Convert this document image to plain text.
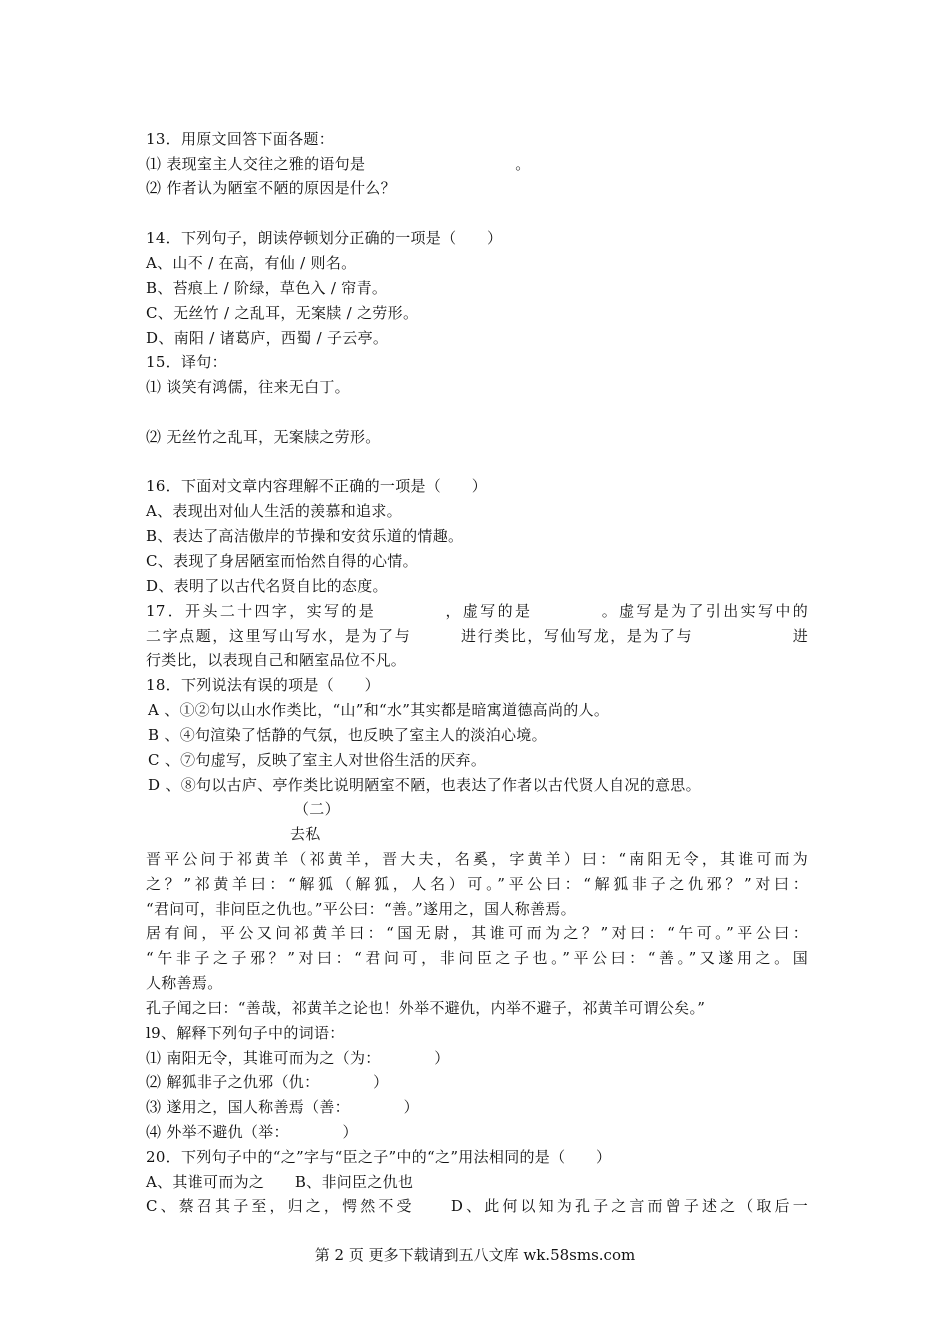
13．用原文回答下面各题：
⑴ 表现室主人交往之雅的语句是	。
⑵ 作者认为陋室不陋的原因是什么？
14．下列句子，朗读停顿划分正确的一项是（　　）
A、山不 / 在高，有仙 / 则名。
B、苔痕上 / 阶绿，草色入 / 帘青。
C、无丝竹 / 之乱耳，无案牍 / 之劳形。
D、南阳 / 诸葛庐，西蜀 / 子云亭。
15．译句：
⑴ 谈笑有鸿儒，往来无白丁。
⑵ 无丝竹之乱耳，无案牍之劳形。
16．下面对文章内容理解不正确的一项是（　　）
A、表现出对仙人生活的羡慕和追求。
B、表达了高洁傲岸的节操和安贫乐道的情趣。
C、表现了身居陋室而怡然自得的心情。
D、表明了以古代名贤自比的态度。
17．开头二十四字，实写的是　　　　，虚写的是　　　　。虚写是为了引出实写中的
二字点题，这里写山写水，是为了与　　　进行类比，写仙写龙，是为了与　　　　　　进
行类比，以表现自己和陋室品位不凡。
18．下列说法有误的项是（　　）
A 、①②句以山水作类比，“山”和“水”其实都是暗寓道德高尚的人。
B 、④句渲染了恬静的气氛，也反映了室主人的淡泊心境。
C 、⑦句虚写，反映了室主人对世俗生活的厌弃。
D 、⑧句以古庐、亭作类比说明陋室不陋，也表达了作者以古代贤人自况的意思。
（二）
去私
晋平公问于祁黄羊（祁黄羊，晋大夫，名奚，字黄羊）曰：“南阳无令，其谁可而为
之？”祁黄羊曰：“解狐（解狐，人名）可。”平公曰：“解狐非子之仇邪？”对曰：
“君问可，非问臣之仇也。”平公曰：“善。”遂用之，国人称善焉。
居有间，平公又问祁黄羊曰：“国无尉，其谁可而为之？”对曰：“午可。”平公曰：
“午非子之子邪？”对曰：“君问可，非问臣之子也。”平公曰：“善。”又遂用之。国
人称善焉。
孔子闻之曰：“善哉，祁黄羊之论也！外举不避仇，内举不避子，祁黄羊可谓公矣。”
l9、解释下列句子中的词语：
⑴ 南阳无令，其谁可而为之（为：　　　　）
⑵ 解狐非子之仇邪（仇：　　　　）
⑶ 遂用之，国人称善焉（善：　　　　）
⑷ 外举不避仇（举：　　　　）
20．下列句子中的“之”字与“臣之子”中的“之”用法相同的是（　　）
A、其谁可而为之　　B、非问臣之仇也
C、蔡召其子至，归之，愕然不受　　D、此何以知为孔子之言而曾子述之（取后一
第 2 页 更多下载请到五八文库 wk.58sms.com
